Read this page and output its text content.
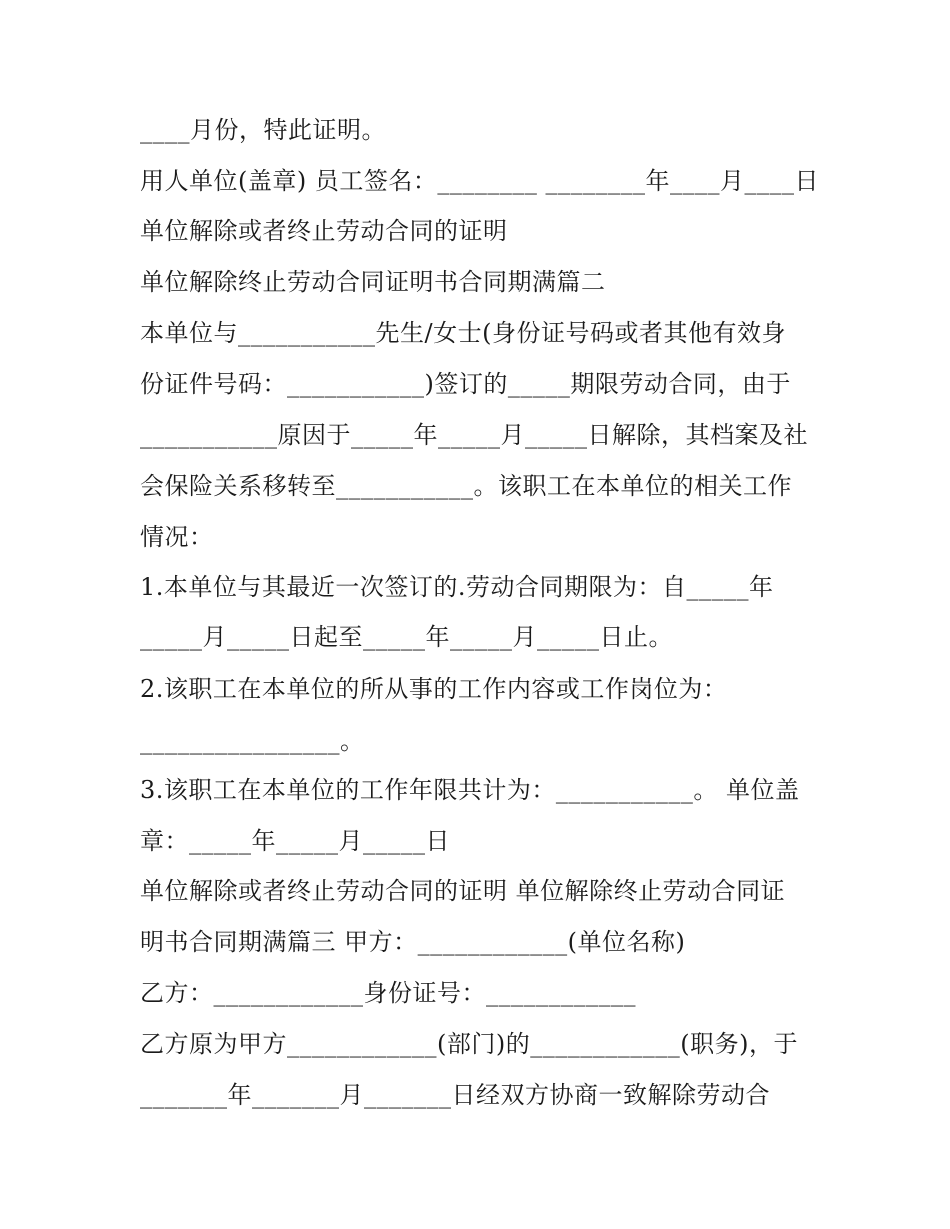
____月份，特此证明。
用人单位(盖章) 员工签名：________ ________年____月____日
单位解除或者终止劳动合同的证明
单位解除终止劳动合同证明书合同期满篇二
本单位与___________先生/女士(身份证号码或者其他有效身
份证件号码：___________)签订的_____期限劳动合同，由于
___________原因于_____年_____月_____日解除，其档案及社
会保险关系移转至___________。该职工在本单位的相关工作
情况：
1.本单位与其最近一次签订的.劳动合同期限为：自_____年
_____月_____日起至_____年_____月_____日止。
2.该职工在本单位的所从事的工作内容或工作岗位为：
________________。
3.该职工在本单位的工作年限共计为：___________。 单位盖
章：_____年_____月_____日
单位解除或者终止劳动合同的证明 单位解除终止劳动合同证
明书合同期满篇三 甲方：____________(单位名称)
乙方：____________身份证号：____________
乙方原为甲方____________(部门)的____________(职务)，于
_______年_______月_______日经双方协商一致解除劳动合
